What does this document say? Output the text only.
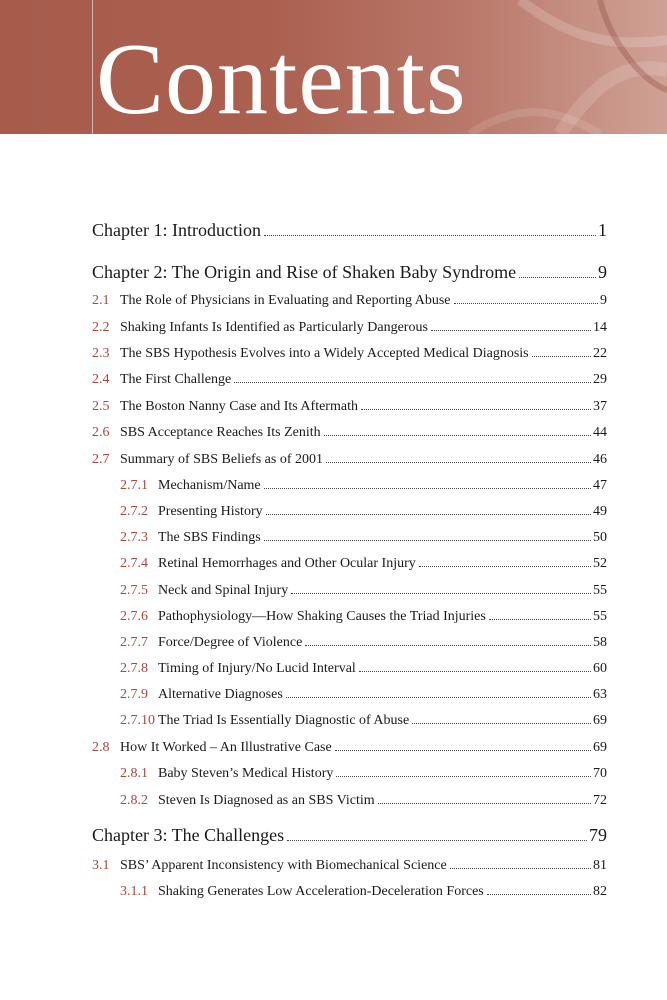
Contents
Chapter 1: Introduction	1
Chapter 2: The Origin and Rise of Shaken Baby Syndrome	9
2.1 The Role of Physicians in Evaluating and Reporting Abuse	9
2.2 Shaking Infants Is Identified as Particularly Dangerous	14
2.3 The SBS Hypothesis Evolves into a Widely Accepted Medical Diagnosis	22
2.4 The First Challenge	29
2.5 The Boston Nanny Case and Its Aftermath	37
2.6 SBS Acceptance Reaches Its Zenith	44
2.7 Summary of SBS Beliefs as of 2001	46
2.7.1 Mechanism/Name	47
2.7.2 Presenting History	49
2.7.3 The SBS Findings	50
2.7.4 Retinal Hemorrhages and Other Ocular Injury	52
2.7.5 Neck and Spinal Injury	55
2.7.6 Pathophysiology—How Shaking Causes the Triad Injuries	55
2.7.7 Force/Degree of Violence	58
2.7.8 Timing of Injury/No Lucid Interval	60
2.7.9 Alternative Diagnoses	63
2.7.10 The Triad Is Essentially Diagnostic of Abuse	69
2.8 How It Worked – An Illustrative Case	69
2.8.1 Baby Steven’s Medical History	70
2.8.2 Steven Is Diagnosed as an SBS Victim	72
Chapter 3: The Challenges	79
3.1 SBS’ Apparent Inconsistency with Biomechanical Science	81
3.1.1 Shaking Generates Low Acceleration-Deceleration Forces	82
